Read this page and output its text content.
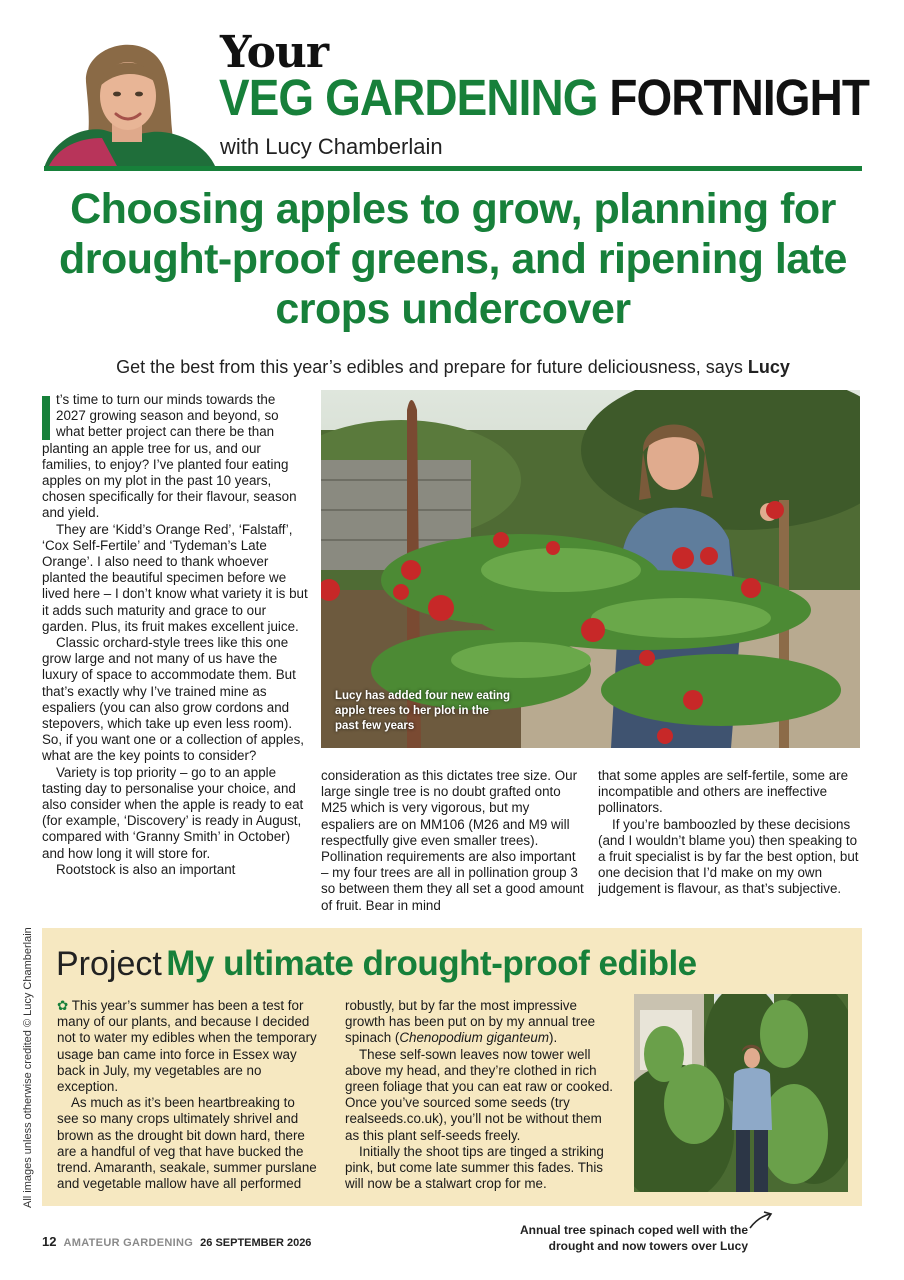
Your
VEG GARDENING FORTNIGHT
with Lucy Chamberlain
Choosing apples to grow, planning for drought-proof greens, and ripening late crops undercover
Get the best from this year’s edibles and prepare for future deliciousness, says Lucy

t’s time to turn our minds towards the 2027 growing season and beyond, so what better project can there be than planting an apple tree for us, and our families, to enjoy? I’ve planted four eating apples on my plot in the past 10 years, chosen specifically for their flavour, season and yield.

They are ‘Kidd’s Orange Red’, ‘Falstaff’, ‘Cox Self-Fertile’ and ‘Tydeman’s Late Orange’. I also need to thank whoever planted the beautiful specimen before we lived here – I don’t know what variety it is but it adds such maturity and grace to our garden. Plus, its fruit makes excellent juice.

Classic orchard-style trees like this one grow large and not many of us have the luxury of space to accommodate them. But that’s exactly why I’ve trained mine as espaliers (you can also grow cordons and stepovers, which take up even less room). So, if you want one or a collection of apples, what are the key points to consider?

Variety is top priority – go to an apple tasting day to personalise your choice, and also consider when the apple is ready to eat (for example, ‘Discovery’ is ready in August, compared with ‘Granny Smith’ in October) and how long it will store for.

Rootstock is also an important

Lucy has added four new eating apple trees to her plot in the past few years

consideration as this dictates tree size. Our large single tree is no doubt grafted onto M25 which is very vigorous, but my espaliers are on MM106 (M26 and M9 will respectfully give even smaller trees). Pollination requirements are also important – my four trees are all in pollination group 3 so between them they all set a good amount of fruit. Bear in mind

that some apples are self-fertile, some are incompatible and others are ineffective pollinators.

If you’re bamboozled by these decisions (and I wouldn’t blame you) then speaking to a fruit specialist is by far the best option, but one decision that I’d make on my own judgement is flavour, as that’s subjective.

All images unless otherwise credited © Lucy Chamberlain Project My ultimate drought-proof edible

✿ This year’s summer has been a test for many of our plants, and because I decided not to water my edibles when the temporary usage ban came into force in Essex way back in July, my vegetables are no exception.

As much as it’s been heartbreaking to see so many crops ultimately shrivel and brown as the drought bit down hard, there are a handful of veg that have bucked the trend. Amaranth, seakale, summer purslane and vegetable mallow have all performed

robustly, but by far the most impressive growth has been put on by my annual tree spinach (Chenopodium giganteum).

These self-sown leaves now tower well above my head, and they’re clothed in rich green foliage that you can eat raw or cooked. Once you’ve sourced some seeds (try realseeds.co.uk), you’ll not be without them as this plant self-seeds freely.

Initially the shoot tips are tinged a striking pink, but come late summer this fades. This will now be a stalwart crop for me.

12 AMATEUR GARDENING 26 SEPTEMBER 2026
Annual tree spinach coped well with the drought and now towers over Lucy
